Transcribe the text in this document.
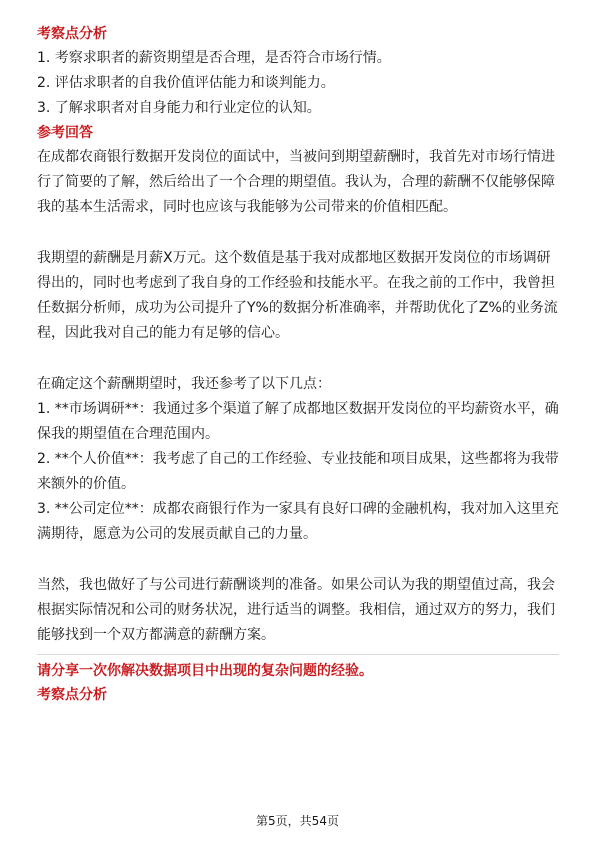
考察点分析

1. 考察求职者的薪资期望是否合理，是否符合市场行情。

2. 评估求职者的自我价值评估能力和谈判能力。

3. 了解求职者对自身能力和行业定位的认知。

参考回答

在成都农商银行数据开发岗位的面试中，当被问到期望薪酬时，我首先对市场行情进行了简要的了解，然后给出了一个合理的期望值。我认为，合理的薪酬不仅能够保障我的基本生活需求，同时也应该与我能够为公司带来的价值相匹配。

我期望的薪酬是月薪X万元。这个数值是基于我对成都地区数据开发岗位的市场调研得出的，同时也考虑到了我自身的工作经验和技能水平。在我之前的工作中，我曾担任数据分析师，成功为公司提升了Y%的数据分析准确率，并帮助优化了Z%的业务流程，因此我对自己的能力有足够的信心。

在确定这个薪酬期望时，我还参考了以下几点：

1. **市场调研**：我通过多个渠道了解了成都地区数据开发岗位的平均薪资水平，确保我的期望值在合理范围内。

2. **个人价值**：我考虑了自己的工作经验、专业技能和项目成果，这些都将为我带来额外的价值。

3. **公司定位**：成都农商银行作为一家具有良好口碑的金融机构，我对加入这里充满期待，愿意为公司的发展贡献自己的力量。

当然，我也做好了与公司进行薪酬谈判的准备。如果公司认为我的期望值过高，我会根据实际情况和公司的财务状况，进行适当的调整。我相信，通过双方的努力，我们能够找到一个双方都满意的薪酬方案。

请分享一次你解决数据项目中出现的复杂问题的经验。

考察点分析

第5页，共54页
